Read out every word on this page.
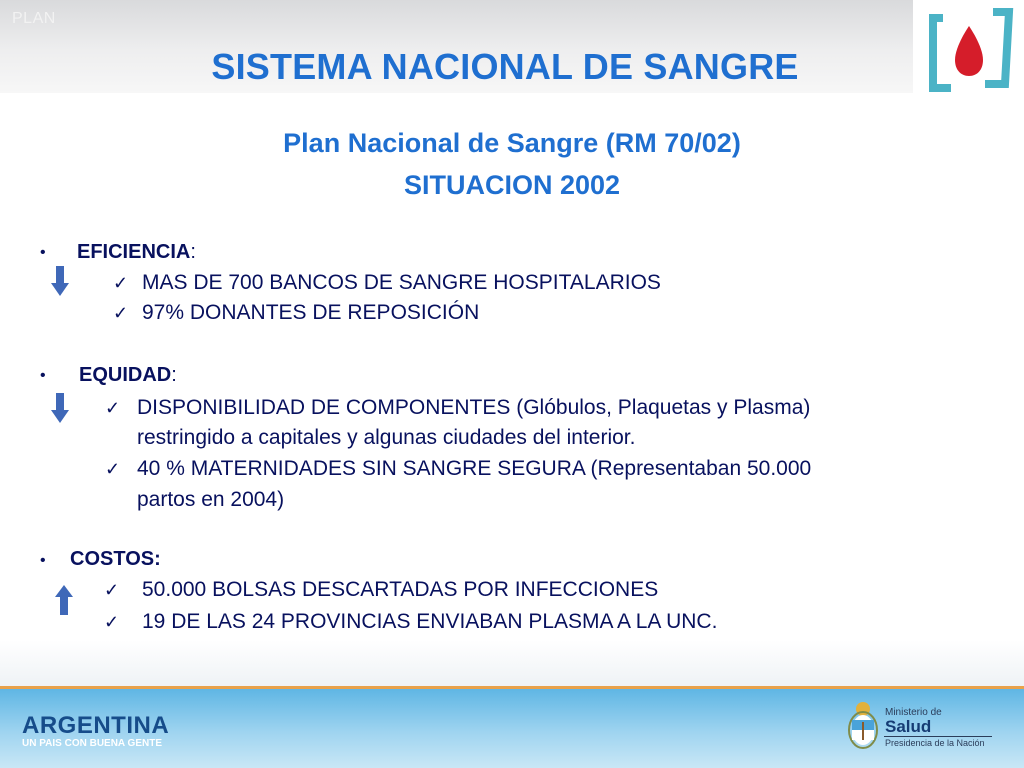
PLAN
SISTEMA NACIONAL DE SANGRE
Plan Nacional de Sangre (RM 70/02)
SITUACION 2002
• EFICIENCIA:
✓ MAS DE 700 BANCOS DE SANGRE HOSPITALARIOS
✓ 97% DONANTES DE REPOSICIÓN
• EQUIDAD:
✓ DISPONIBILIDAD DE COMPONENTES (Glóbulos, Plaquetas y Plasma)
restringido a capitales y algunas ciudades del interior.
✓ 40 % MATERNIDADES SIN SANGRE SEGURA (Representaban 50.000
partos en 2004)
• COSTOS:
✓ 50.000 BOLSAS DESCARTADAS POR INFECCIONES
✓ 19 DE LAS 24 PROVINCIAS ENVIABAN PLASMA A LA UNC.
ARGENTINA
UN PAIS CON BUENA GENTE
Ministerio de
Salud
Presidencia de la Nación
